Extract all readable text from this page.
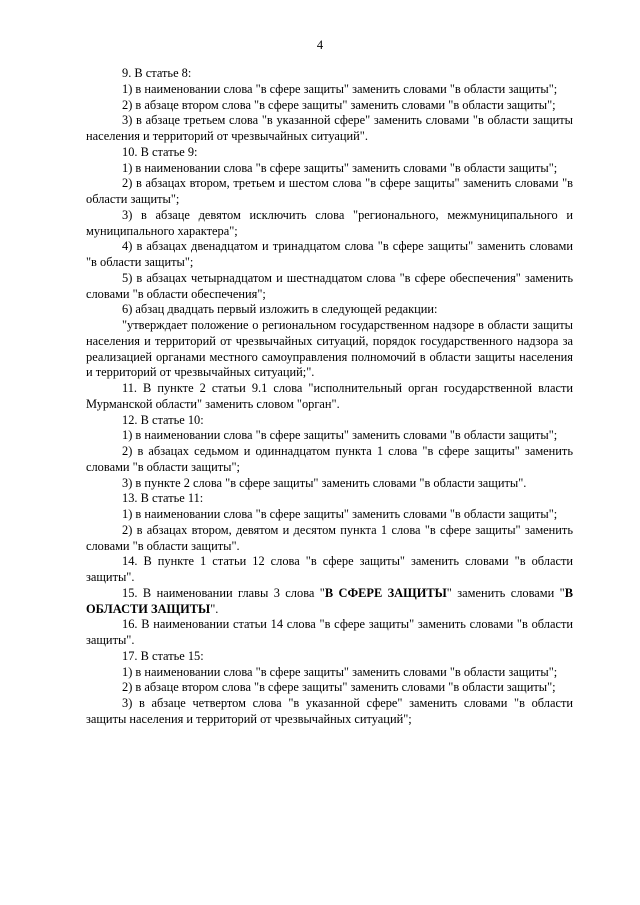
4

9. В статье 8:

1) в наименовании слова "в сфере защиты" заменить словами "в области защиты";

2) в абзаце втором слова "в сфере защиты" заменить словами "в области защиты";

3) в абзаце третьем слова "в указанной сфере" заменить словами "в области защиты населения и территорий от чрезвычайных ситуаций".

10. В статье 9:

1) в наименовании слова "в сфере защиты" заменить словами "в области защиты";

2) в абзацах втором, третьем и шестом слова "в сфере защиты" заменить словами "в области защиты";

3) в абзаце девятом исключить слова "регионального, межмуниципального и муниципального характера";

4) в абзацах двенадцатом и тринадцатом слова "в сфере защиты" заменить словами "в области защиты";

5) в абзацах четырнадцатом и шестнадцатом слова "в сфере обеспечения" заменить словами "в области обеспечения";

6) абзац двадцать первый изложить в следующей редакции:

"утверждает положение о региональном государственном надзоре в области защиты населения и территорий от чрезвычайных ситуаций, порядок государственного надзора за реализацией органами местного самоуправления полномочий в области защиты населения и территорий от чрезвычайных ситуаций;".

11. В пункте 2 статьи 9.1 слова "исполнительный орган государственной власти Мурманской области" заменить словом "орган".

12. В статье 10:

1) в наименовании слова "в сфере защиты" заменить словами "в области защиты";

2) в абзацах седьмом и одиннадцатом пункта 1 слова "в сфере защиты" заменить словами "в области защиты";

3) в пункте 2 слова "в сфере защиты" заменить словами "в области защиты".

13. В статье 11:

1) в наименовании слова "в сфере защиты" заменить словами "в области защиты";

2) в абзацах втором, девятом и десятом пункта 1 слова "в сфере защиты" заменить словами "в области защиты".

14. В пункте 1 статьи 12 слова "в сфере защиты" заменить словами "в области защиты".

15. В наименовании главы 3 слова "В СФЕРЕ ЗАЩИТЫ" заменить словами "В ОБЛАСТИ ЗАЩИТЫ".

16. В наименовании статьи 14 слова "в сфере защиты" заменить словами "в области защиты".

17. В статье 15:

1) в наименовании слова "в сфере защиты" заменить словами "в области защиты";

2) в абзаце втором слова "в сфере защиты" заменить словами "в области защиты";

3) в абзаце четвертом слова "в указанной сфере" заменить словами "в области защиты населения и территорий от чрезвычайных ситуаций";
